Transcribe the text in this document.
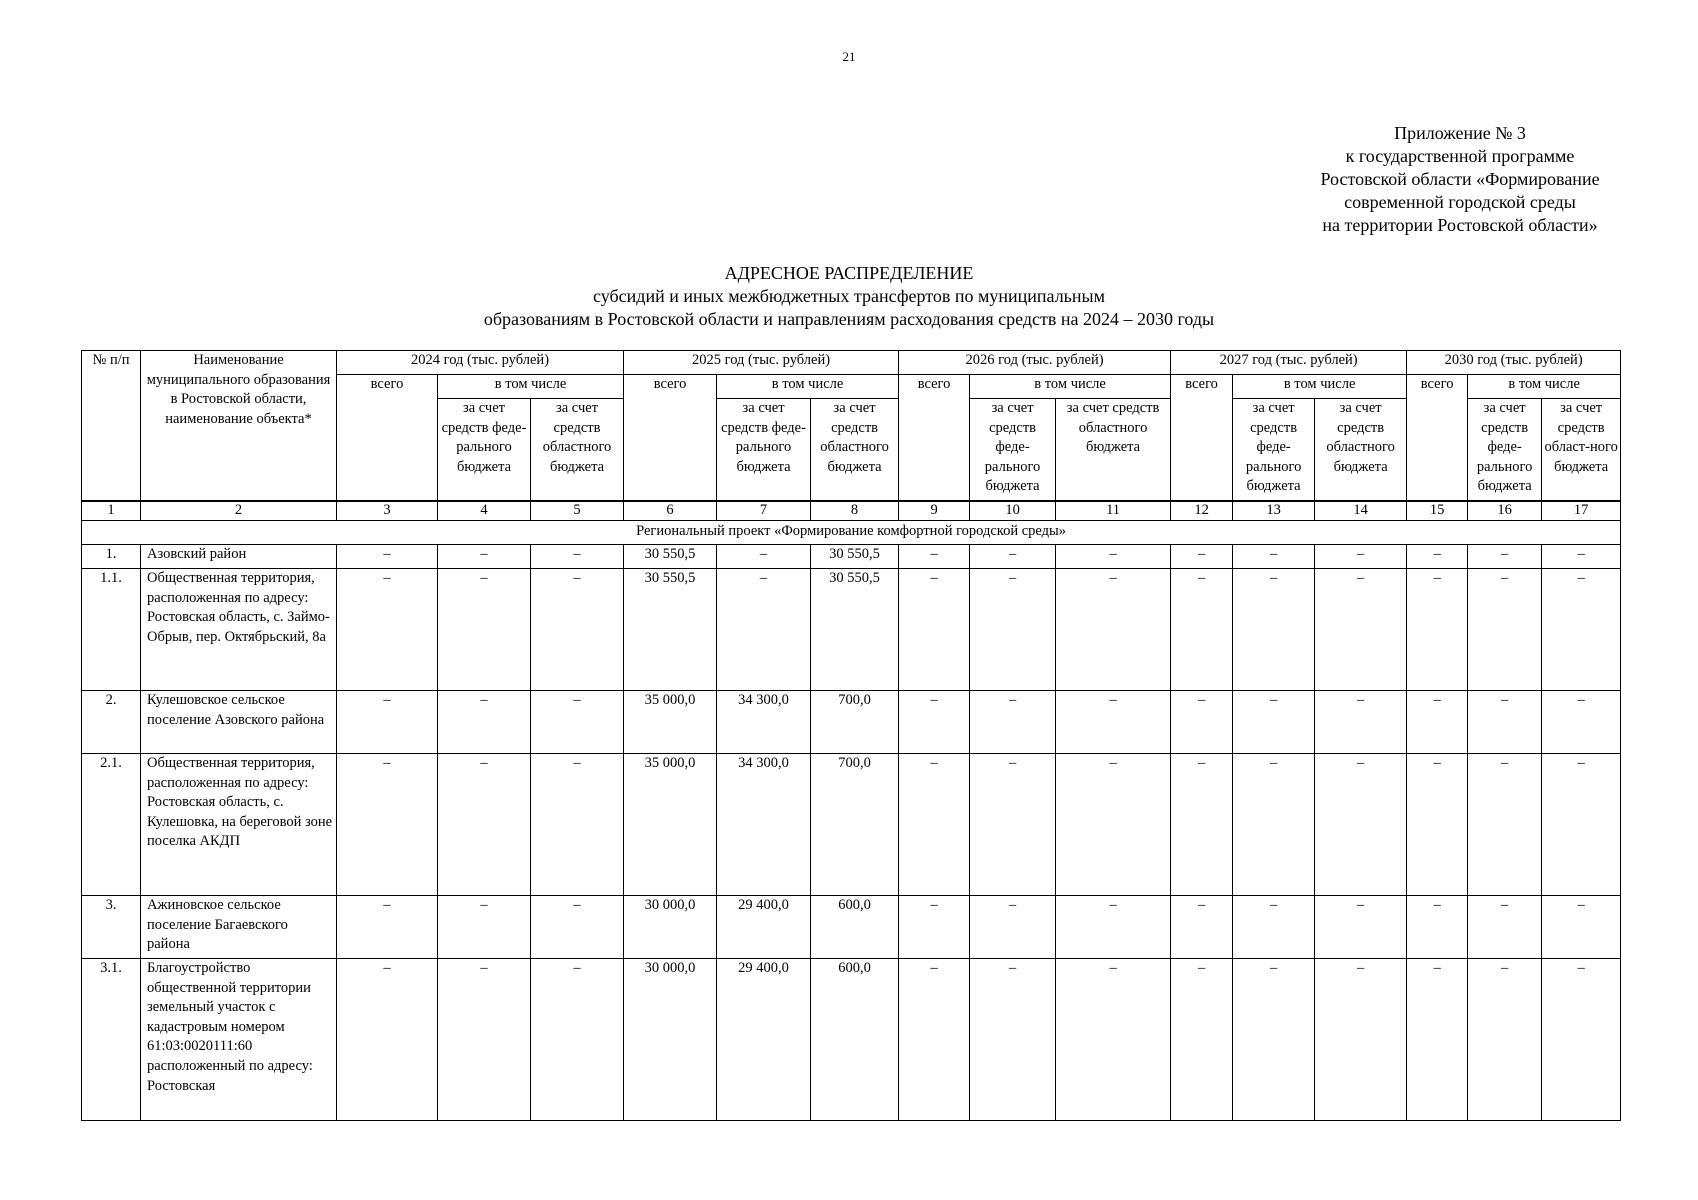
21
Приложение № 3
к государственной программе
Ростовской области «Формирование
современной городской среды
на территории Ростовской области»
АДРЕСНОЕ РАСПРЕДЕЛЕНИЕ
субсидий и иных межбюджетных трансфертов по муниципальным
образованиям в Ростовской области и направлениям расходования средств на 2024 – 2030 годы
№ п/п	Наименование муниципального образования в Ростовской области, наименование объекта*	2024 год (тыс. рублей)			2025 год (тыс. рублей)			2026 год (тыс. рублей)			2027 год (тыс. рублей)			2030 год (тыс. рублей)		
		всего	в том числе		всего	в том числе		всего	в том числе		всего	в том числе		всего	в том числе	
			за счет средств феде-рального бюджета	за счет средств областного бюджета		за счет средств феде-рального бюджета	за счет средств областного бюджета		за счет средств феде-рального бюджета	за счет средств областного бюджета		за счет средств феде-рального бюджета	за счет средств областного бюджета		за счет средств феде-рального бюджета	за счет средств област-ного бюджета
1	2	3	4	5	6	7	8	9	10	11	12	13	14	15	16	17
Региональный проект «Формирование комфортной городской среды»																
1.	Азовский район	–	–	–	30 550,5	–	30 550,5	–	–	–	–	–	–	–	–	–
1.1.	Общественная территория, расположенная по адресу: Ростовская область, с. Займо-Обрыв, пер. Октябрьский, 8а	–	–	–	30 550,5	–	30 550,5	–	–	–	–	–	–	–	–	–
2.	Кулешовское сельское поселение Азовского района	–	–	–	35 000,0	34 300,0	700,0	–	–	–	–	–	–	–	–	–
2.1.	Общественная территория, расположенная по адресу: Ростовская область, с. Кулешовка, на береговой зоне поселка АКДП	–	–	–	35 000,0	34 300,0	700,0	–	–	–	–	–	–	–	–	–
3.	Ажиновское сельское поселение Багаевского района	–	–	–	30 000,0	29 400,0	600,0	–	–	–	–	–	–	–	–	–
3.1.	Благоустройство общественной территории земельный участок с кадастровым номером 61:03:0020111:60 расположенный по адресу: Ростовская	–	–	–	30 000,0	29 400,0	600,0	–	–	–	–	–	–	–	–	–
